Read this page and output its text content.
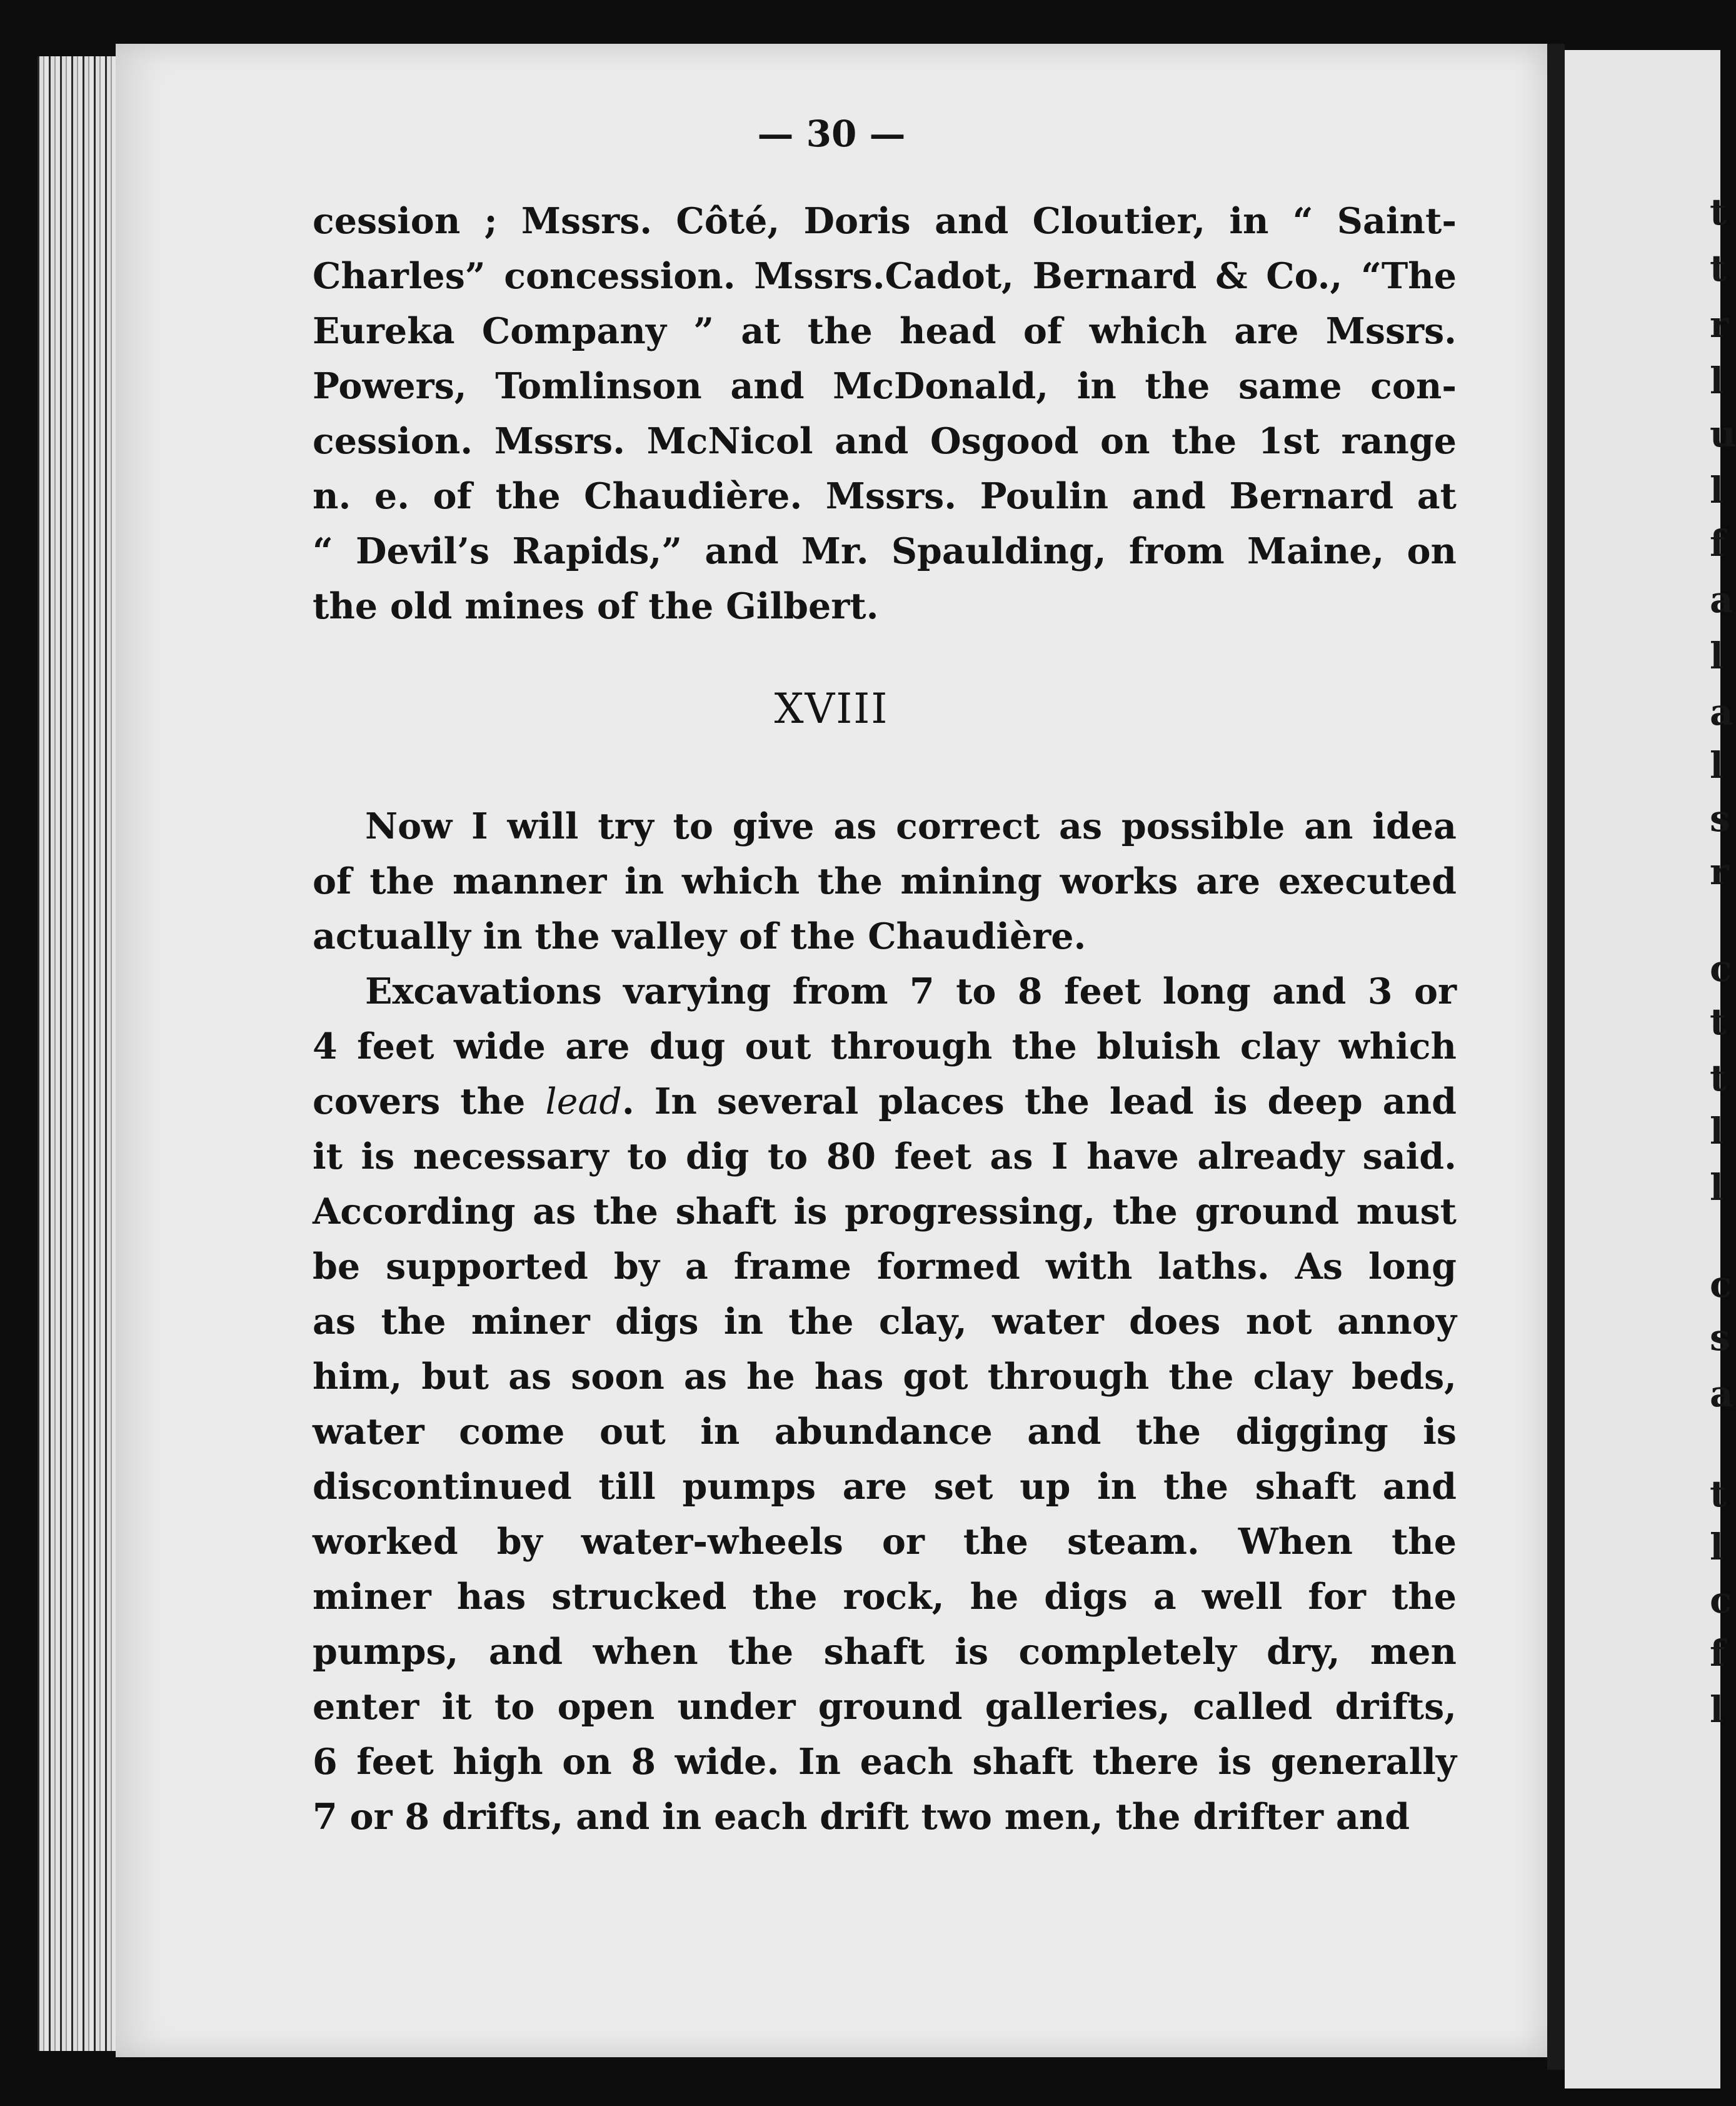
t
t
r
l
u
l
f
a
l
a
l
s
r
c
t
t
l
l
c
s
a
t
l
c
f
l

— 30 —

cession ; Mssrs. Côté, Doris and Cloutier, in “ Saint-
Charles” concession. Mssrs.Cadot, Bernard & Co., “The
Eureka Company ” at the head of which are Mssrs.
Powers, Tomlinson and McDonald, in the same con-
cession. Mssrs. McNicol and Osgood on the 1st range
n. e. of the Chaudière. Mssrs. Poulin and Bernard at
“ Devil’s Rapids,” and Mr. Spaulding, from Maine, on
the old mines of the Gilbert.
XVIII
Now I will try to give as correct as possible an idea
of the manner in which the mining works are executed
actually in the valley of the Chaudière.
Excavations varying from 7 to 8 feet long and 3 or
4 feet wide are dug out through the bluish clay which
covers the lead. In several places the lead is deep and
it is necessary to dig to 80 feet as I have already said.
According as the shaft is progressing, the ground must
be supported by a frame formed with laths. As long
as the miner digs in the clay, water does not annoy
him, but as soon as he has got through the clay beds,
water come out in abundance and the digging is
discontinued till pumps are set up in the shaft and
worked by water-wheels or the steam. When the
miner has strucked the rock, he digs a well for the
pumps, and when the shaft is completely dry, men
enter it to open under ground galleries, called drifts,
6 feet high on 8 wide. In each shaft there is generally
7 or 8 drifts, and in each drift two men, the drifter and
